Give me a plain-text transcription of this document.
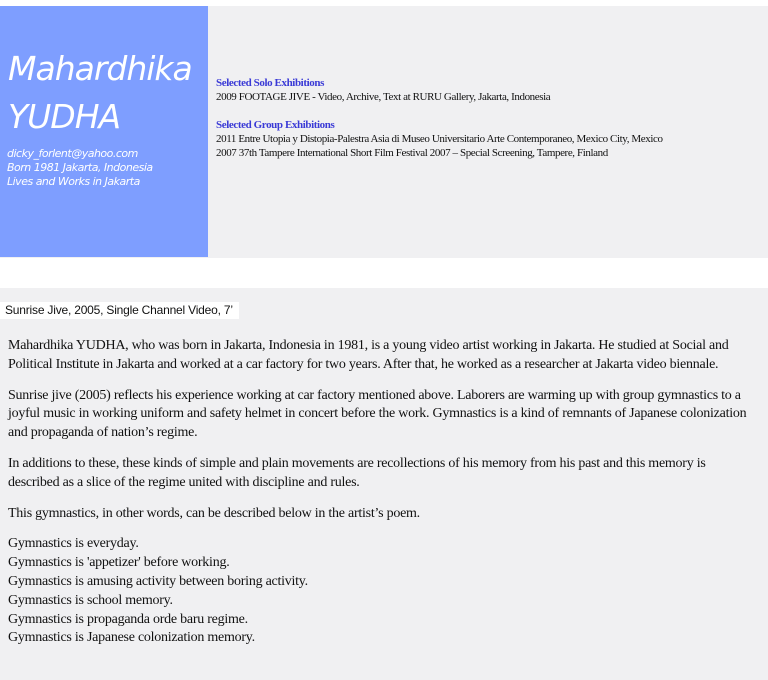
Mahardhika
YUDHA
dicky_forlent@yahoo.com
Born 1981 Jakarta, Indonesia
Lives and Works in Jakarta
Selected Solo Exhibitions
2009 FOOTAGE JIVE - Video, Archive, Text at RURU Gallery, Jakarta, Indonesia
Selected Group Exhibitions
2011 Entre Utopia y Distopia-Palestra Asia di Museo Universitario Arte Contemporaneo, Mexico City, Mexico
2007 37th Tampere International Short Film Festival 2007 – Special Screening, Tampere, Finland
Sunrise Jive, 2005, Single Channel Video, 7’

Mahardhika YUDHA, who was born in Jakarta, Indonesia in 1981, is a young video artist working in Jakarta. He studied at Social and Political Institute in Jakarta and worked at a car factory for two years. After that, he worked as a researcher at Jakarta video biennale.

Sunrise jive (2005) reflects his experience working at car factory mentioned above. Laborers are warming up with group gymnastics to a joyful music in working uniform and safety helmet in concert before the work. Gymnastics is a kind of remnants of Japanese colonization and propaganda of nation’s regime.

In additions to these, these kinds of simple and plain movements are recollections of his memory from his past and this memory is described as a slice of the regime united with discipline and rules.

This gymnastics, in other words, can be described below in the artist’s poem.

Gymnastics is everyday.
Gymnastics is 'appetizer' before working.
Gymnastics is amusing activity between boring activity.
Gymnastics is school memory.
Gymnastics is propaganda orde baru regime.
Gymnastics is Japanese colonization memory.
